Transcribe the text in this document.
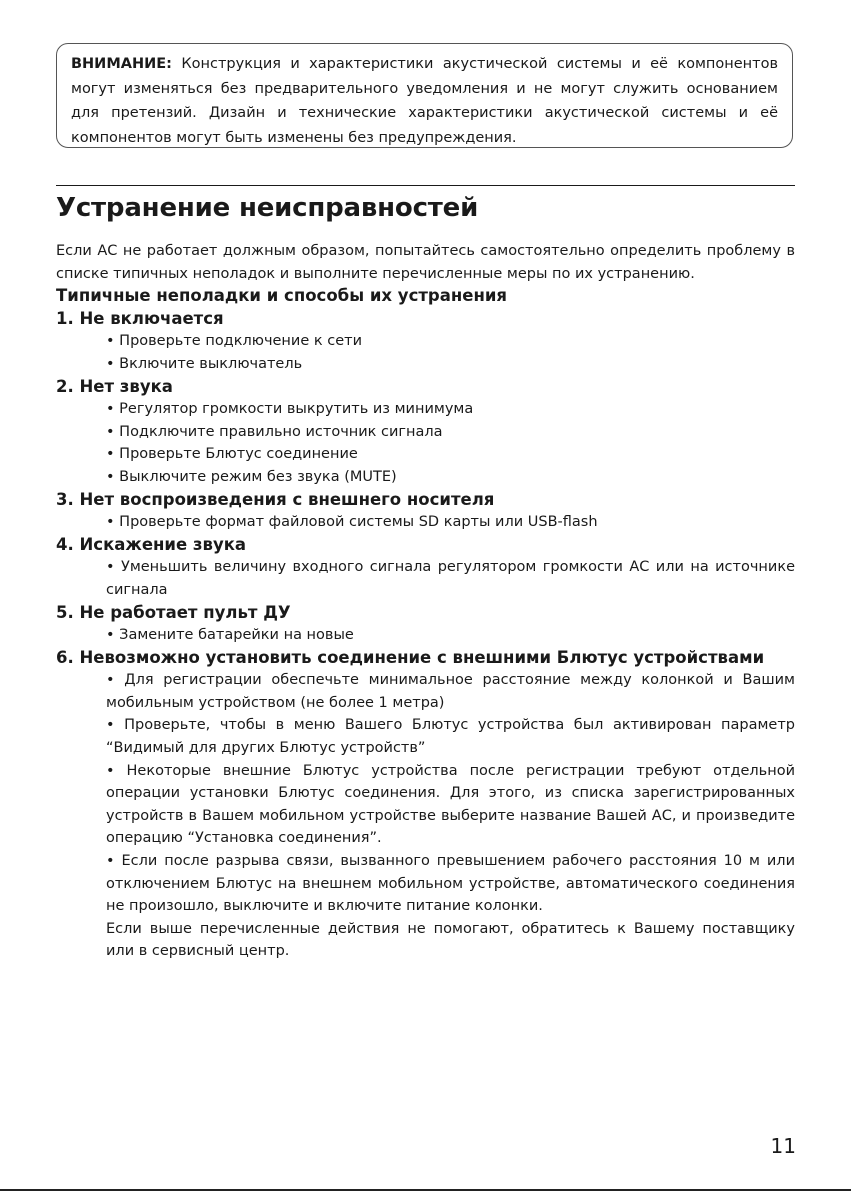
ВНИМАНИЕ: Конструкция и характеристики акустической системы и её компонентов могут изменяться без предварительного уведомления и не могут служить основанием для претензий. Дизайн и технические характеристики акустической системы и её компонентов могут быть изменены без предупреждения.
Устранение неисправностей

Если АС не работает должным образом, попытайтесь самостоятельно определить проблему в списке типичных неполадок и выполните перечисленные меры по их устранению.

Типичные неполадки и способы их устранения
1. Не включается

• Проверьте подключение к сети

• Включите выключатель

2. Нет звука

• Регулятор громкости выкрутить из минимума

• Подключите правильно источник сигнала

• Проверьте Блютус соединение

• Выключите режим без звука (MUTE)

3. Нет воспроизведения с внешнего носителя

• Проверьте формат файловой системы SD карты или USB-flash

4. Искажение звука

• Уменьшить величину входного сигнала регулятором громкости АС или на источнике сигнала

5. Не работает пульт ДУ

• Замените батарейки на новые

6. Невозможно установить соединение с внешними Блютус устройствами

• Для регистрации обеспечьте минимальное расстояние между колонкой и Вашим мобильным устройством (не более 1 метра)

• Проверьте, чтобы в меню Вашего Блютус устройства был активирован параметр “Видимый для других Блютус устройств”

• Некоторые внешние Блютус устройства после регистрации требуют отдельной операции установки Блютус соединения. Для этого, из списка зарегистрированных устройств в Вашем мобильном устройстве выберите название Вашей АС, и произведите операцию “Установка соединения”.

• Если после разрыва связи, вызванного превышением рабочего расстояния 10 м или отключением Блютус на внешнем мобильном устройстве, автоматического соединения не произошло, выключите и включите питание колонки.

Если выше перечисленные действия не помогают, обратитесь к Вашему поставщику или в сервисный центр.

11
